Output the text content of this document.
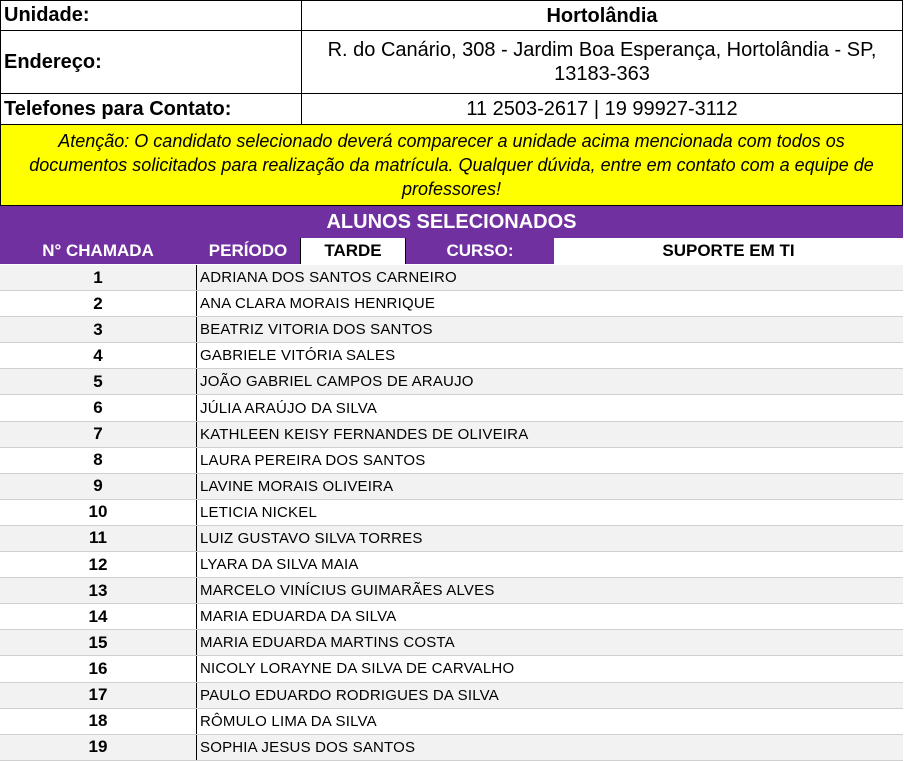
Unidade:	Hortolândia
Endereço:
R. do Canário, 308 - Jardim Boa Esperança, Hortolândia - SP, 13183-363
Telefones para Contato:	11 2503-2617 | 19 99927-3112
Atenção: O candidato selecionado deverá comparecer a unidade acima mencionada com todos os documentos solicitados para realização da matrícula. Qualquer dúvida, entre em contato com a equipe de professores!
ALUNOS SELECIONADOS
N° CHAMADA	PERÍODO	TARDE	CURSO:	SUPORTE EM TI
1	ADRIANA DOS SANTOS CARNEIRO
2	ANA CLARA MORAIS HENRIQUE
3	BEATRIZ VITORIA DOS SANTOS
4	GABRIELE VITÓRIA SALES
5	JOÃO GABRIEL CAMPOS DE ARAUJO
6	JÚLIA ARAÚJO DA SILVA
7	KATHLEEN KEISY FERNANDES DE OLIVEIRA
8	LAURA PEREIRA DOS SANTOS
9	LAVINE MORAIS OLIVEIRA
10	LETICIA NICKEL
11	LUIZ GUSTAVO SILVA TORRES
12	LYARA DA SILVA MAIA
13	MARCELO VINÍCIUS GUIMARÃES ALVES
14	MARIA EDUARDA DA SILVA
15	MARIA EDUARDA MARTINS COSTA
16	NICOLY LORAYNE DA SILVA DE CARVALHO
17	PAULO EDUARDO RODRIGUES DA SILVA
18	RÔMULO LIMA DA SILVA
19	SOPHIA JESUS DOS SANTOS
